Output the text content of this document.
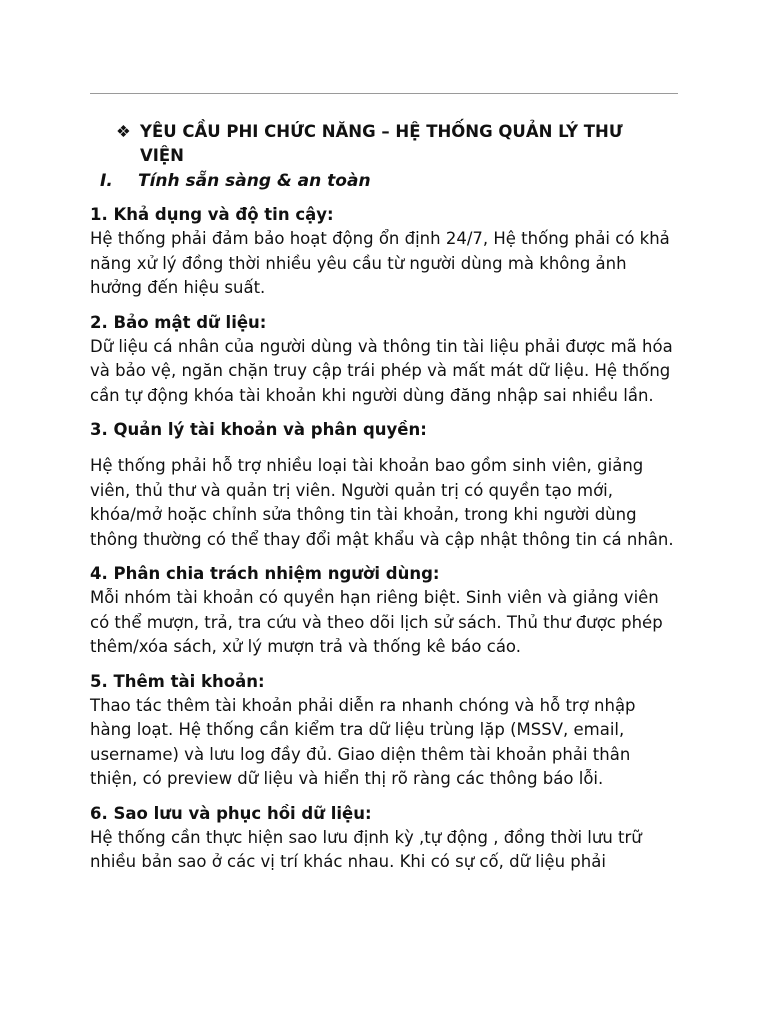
❖ YÊU CẦU PHI CHỨC NĂNG – HỆ THỐNG QUẢN LÝ THƯ VIỆN
I.	Tính sẵn sàng & an toàn
1. Khả dụng và độ tin cậy:

Hệ thống phải đảm bảo hoạt động ổn định 24/7, Hệ thống phải có khả năng xử lý đồng thời nhiều yêu cầu từ người dùng mà không ảnh hưởng đến hiệu suất.

2. Bảo mật dữ liệu:

Dữ liệu cá nhân của người dùng và thông tin tài liệu phải được mã hóa và bảo vệ, ngăn chặn truy cập trái phép và mất mát dữ liệu. Hệ thống cần tự động khóa tài khoản khi người dùng đăng nhập sai nhiều lần.

3. Quản lý tài khoản và phân quyền:

Hệ thống phải hỗ trợ nhiều loại tài khoản bao gồm sinh viên, giảng viên, thủ thư và quản trị viên. Người quản trị có quyền tạo mới, khóa/mở hoặc chỉnh sửa thông tin tài khoản, trong khi người dùng thông thường có thể thay đổi mật khẩu và cập nhật thông tin cá nhân.

4. Phân chia trách nhiệm người dùng:

Mỗi nhóm tài khoản có quyền hạn riêng biệt. Sinh viên và giảng viên có thể mượn, trả, tra cứu và theo dõi lịch sử sách. Thủ thư được phép thêm/xóa sách, xử lý mượn trả và thống kê báo cáo.

5. Thêm tài khoản:

Thao tác thêm tài khoản phải diễn ra nhanh chóng và hỗ trợ nhập hàng loạt. Hệ thống cần kiểm tra dữ liệu trùng lặp (MSSV, email, username) và lưu log đầy đủ. Giao diện thêm tài khoản phải thân thiện, có preview dữ liệu và hiển thị rõ ràng các thông báo lỗi.

6. Sao lưu và phục hồi dữ liệu:

Hệ thống cần thực hiện sao lưu định kỳ ,tự động , đồng thời lưu trữ nhiều bản sao ở các vị trí khác nhau. Khi có sự cố, dữ liệu phải
